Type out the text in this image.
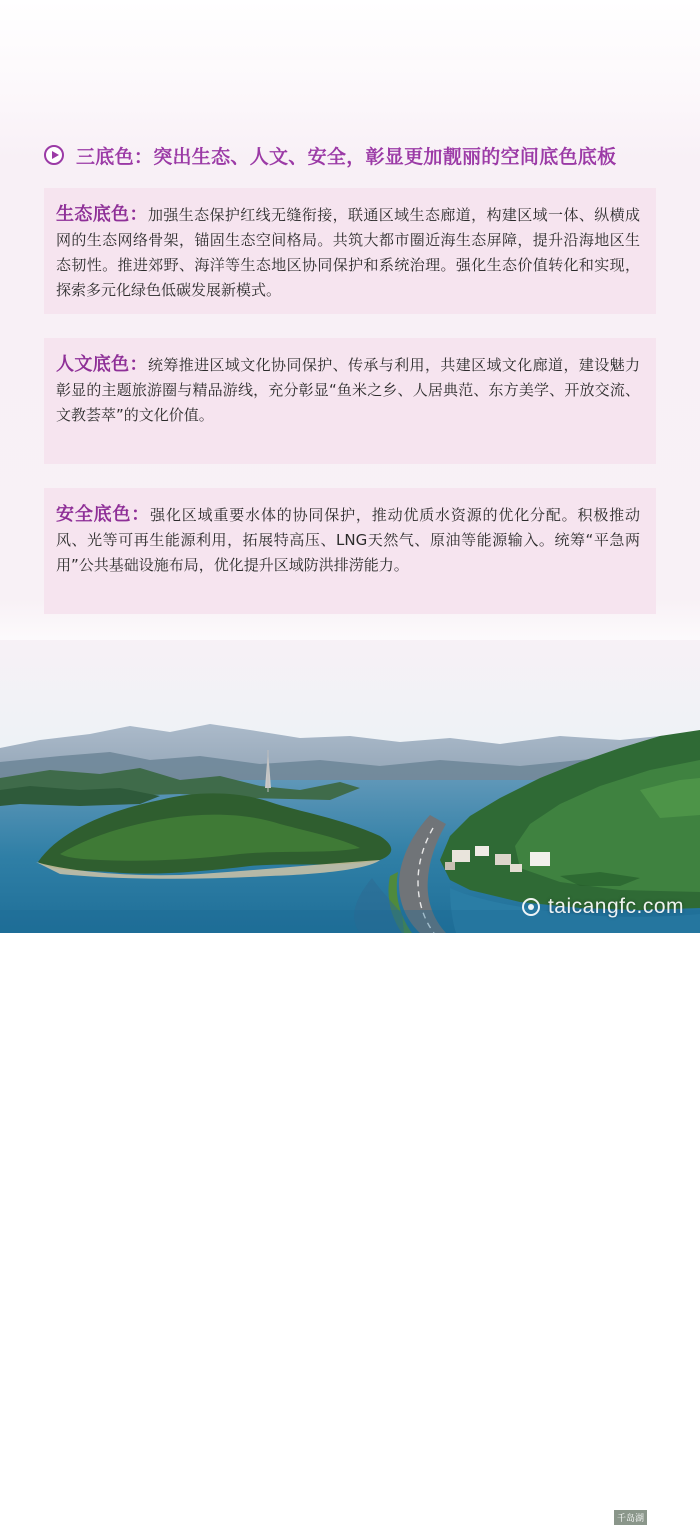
三底色：突出生态、人文、安全，彰显更加靓丽的空间底色底板

生态底色：加强生态保护红线无缝衔接，联通区域生态廊道，构建区域一体、纵横成网的生态网络骨架，锚固生态空间格局。共筑大都市圈近海生态屏障，提升沿海地区生态韧性。推进郊野、海洋等生态地区协同保护和系统治理。强化生态价值转化和实现，探索多元化绿色低碳发展新模式。

人文底色：统筹推进区域文化协同保护、传承与利用，共建区域文化廊道，建设魅力彰显的主题旅游圈与精品游线，充分彰显“鱼米之乡、人居典范、东方美学、开放交流、文教荟萃”的文化价值。

安全底色：强化区域重要水体的协同保护，推动优质水资源的优化分配。积极推动风、光等可再生能源利用，拓展特高压、LNG天然气、原油等能源输入。统筹“平急两用”公共基础设施布局，优化提升区域防洪排涝能力。

千岛湖
taicangfc.com
